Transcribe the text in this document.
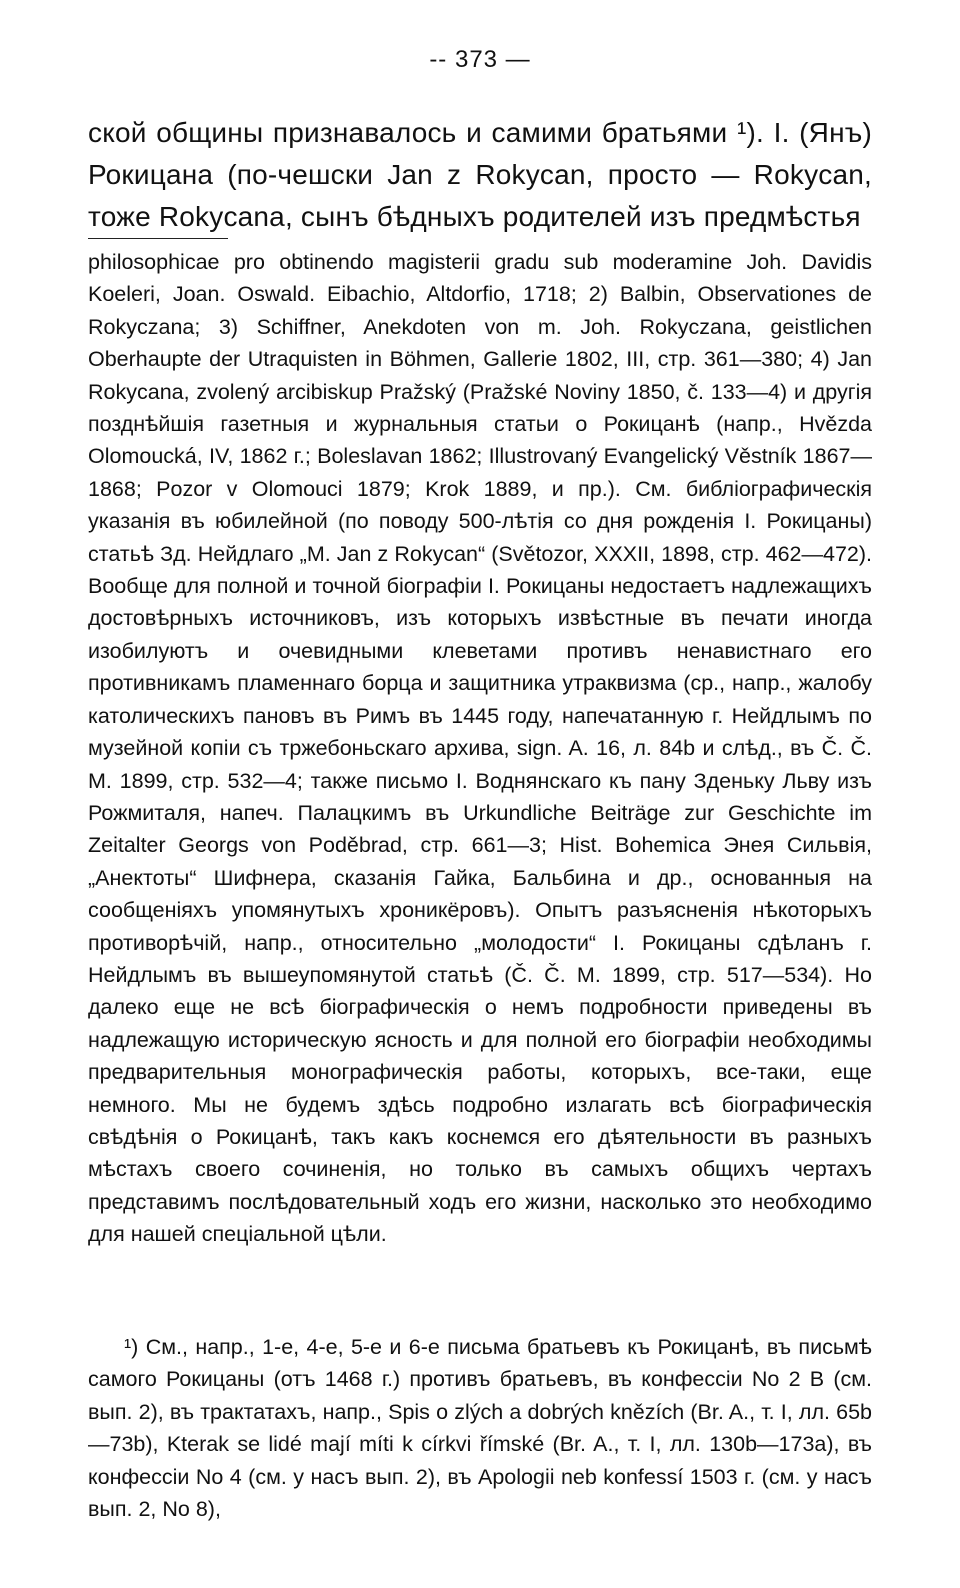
-- 373 —

ской общины признавалось и самими братьями ¹). І. (Янъ) Рокицана (по-чешски Jan z Rokycan, просто — Rokycan, тоже Rokycana, сынъ бѣдныхъ родителей изъ предмѣстья

philosophicae pro obtinendo magisterii gradu sub moderamine Joh. Davidis Koeleri, Joan. Oswald. Eibachio, Altdorfio, 1718; 2) Balbin, Observationes de Rokyczana; 3) Schiffner, Anekdoten von m. Joh. Rokyczana, geistlichen Oberhaupte der Utraquisten in Böhmen, Gallerie 1802, III, стр. 361—380; 4) Jan Rokycana, zvolený arcibiskup Pražský (Pražské Noviny 1850, č. 133—4) и другія позднѣйшія газетныя и журнальныя статьи о Рокицанѣ (напр., Hvězda Olomoucká, IV, 1862 г.; Boleslavan 1862; Illustrovaný Evangelický Věstník 1867—1868; Pozor v Olomouci 1879; Krok 1889, и пр.). См. библіографическія указанія въ юбилейной (по поводу 500-лѣтія со дня рожденія І. Рокицаны) статьѣ Зд. Нейдлаго „M. Jan z Rokycan“ (Světozor, XXXII, 1898, стр. 462—472). Вообще для полной и точной біографіи І. Рокицаны недостаетъ надлежащихъ достовѣрныхъ источниковъ, изъ которыхъ извѣстные въ печати иногда изобилуютъ и очевидными клеветами противъ ненавистнаго его противникамъ пламеннаго борца и защитника утраквизма (ср., напр., жалобу католическихъ пановъ въ Римъ въ 1445 году, напечатанную г. Нейдлымъ по музейной копіи съ тржебоньскаго архива, sign. A. 16, л. 84b и слѣд., въ Č. Č. M. 1899, стр. 532—4; также письмо І. Воднянскаго къ пану Зденьку Льву изъ Рожмиталя, напеч. Палацкимъ въ Urkundliche Beiträge zur Geschichte im Zeitalter Georgs von Poděbrad, стр. 661—3; Hist. Bohemica Энея Сильвія, „Анектоты“ Шифнера, сказанія Гайка, Бальбина и др., основанныя на сообщеніяхъ упомянутыхъ хроникёровъ). Опытъ разъясненія нѣкоторыхъ противорѣчій, напр., относительно „молодости“ І. Рокицаны сдѣланъ г. Нейдлымъ въ вышеупомянутой статьѣ (Č. Č. M. 1899, стр. 517—534). Но далеко еще не всѣ біографическія о немъ подробности приведены въ надлежащую историческую ясность и для полной его біографіи необходимы предварительныя монографическія работы, которыхъ, все-таки, еще немного. Мы не будемъ здѣсь подробно излагать всѣ біографическія свѣдѣнія о Рокицанѣ, такъ какъ коснемся его дѣятельности въ разныхъ мѣстахъ своего сочиненія, но только въ самыхъ общихъ чертахъ представимъ послѣдовательный ходъ его жизни, насколько это необходимо для нашей спеціальной цѣли.

¹) См., напр., 1-е, 4-е, 5-е и 6-е письма братьевъ къ Рокицанѣ, въ письмѣ самого Рокицаны (отъ 1468 г.) противъ братьевъ, въ конфессіи No 2 B (см. вып. 2), въ трактатахъ, напр., Spis o zlých a dobrých knězích (Br. A., т. I, лл. 65b—73b), Kterak se lidé mají míti k církvi římské (Br. A., т. I, лл. 130b—173a), въ конфессіи No 4 (см. у насъ вып. 2), въ Apologii neb konfessí 1503 г. (см. у насъ вып. 2, No 8),
